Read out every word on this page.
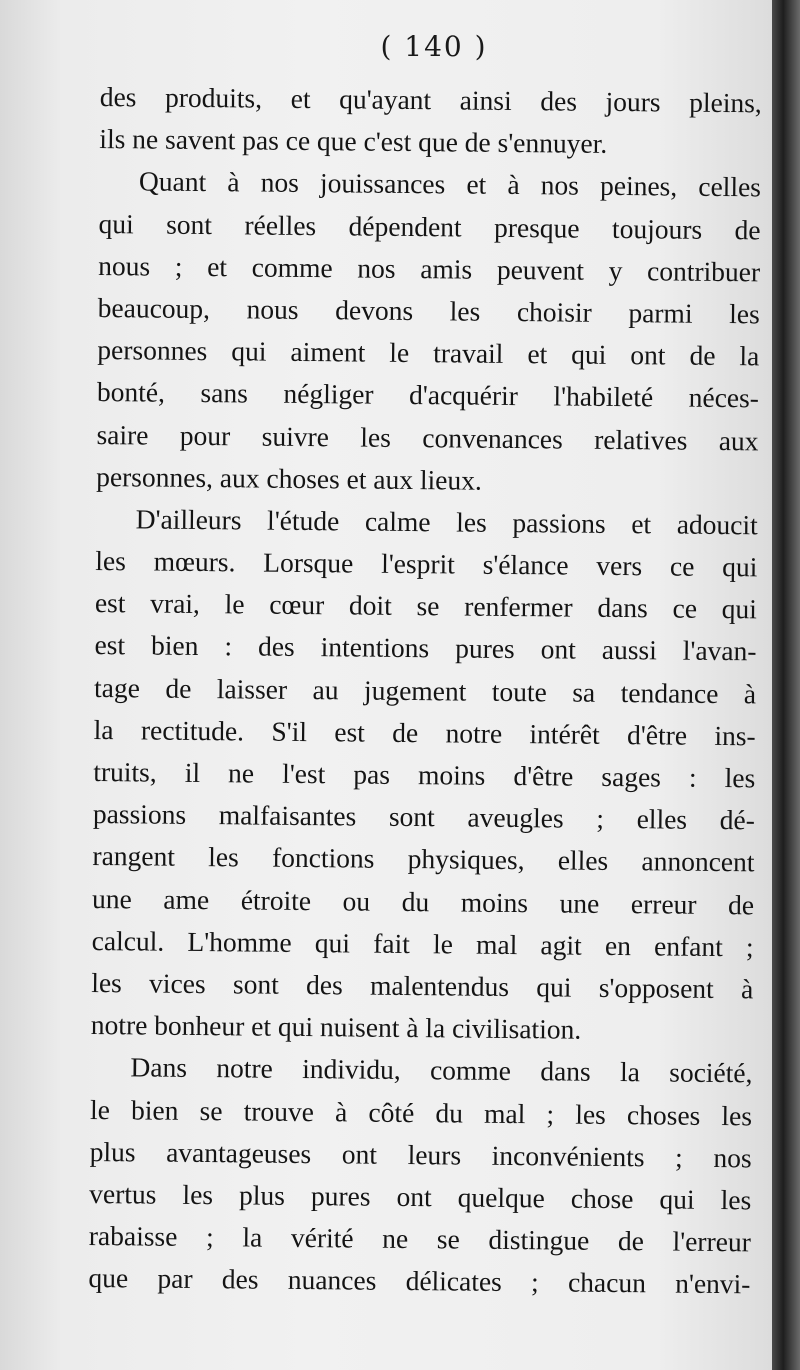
( 140 )
des produits, et qu'ayant ainsi des jours pleins,
ils ne savent pas ce que c'est que de s'ennuyer.
Quant à nos jouissances et à nos peines, celles
qui sont réelles dépendent presque toujours de
nous ; et comme nos amis peuvent y contribuer
beaucoup, nous devons les choisir parmi les
personnes qui aiment le travail et qui ont de la
bonté, sans négliger d'acquérir l'habileté néces-
saire pour suivre les convenances relatives aux
personnes, aux choses et aux lieux.
D'ailleurs l'étude calme les passions et adoucit
les mœurs. Lorsque l'esprit s'élance vers ce qui
est vrai, le cœur doit se renfermer dans ce qui
est bien : des intentions pures ont aussi l'avan-
tage de laisser au jugement toute sa tendance à
la rectitude. S'il est de notre intérêt d'être ins-
truits, il ne l'est pas moins d'être sages : les
passions malfaisantes sont aveugles ; elles dé-
rangent les fonctions physiques, elles annoncent
une ame étroite ou du moins une erreur de
calcul. L'homme qui fait le mal agit en enfant ;
les vices sont des malentendus qui s'opposent à
notre bonheur et qui nuisent à la civilisation.
Dans notre individu, comme dans la société,
le bien se trouve à côté du mal ; les choses les
plus avantageuses ont leurs inconvénients ; nos
vertus les plus pures ont quelque chose qui les
rabaisse ; la vérité ne se distingue de l'erreur
que par des nuances délicates ; chacun n'envi-
